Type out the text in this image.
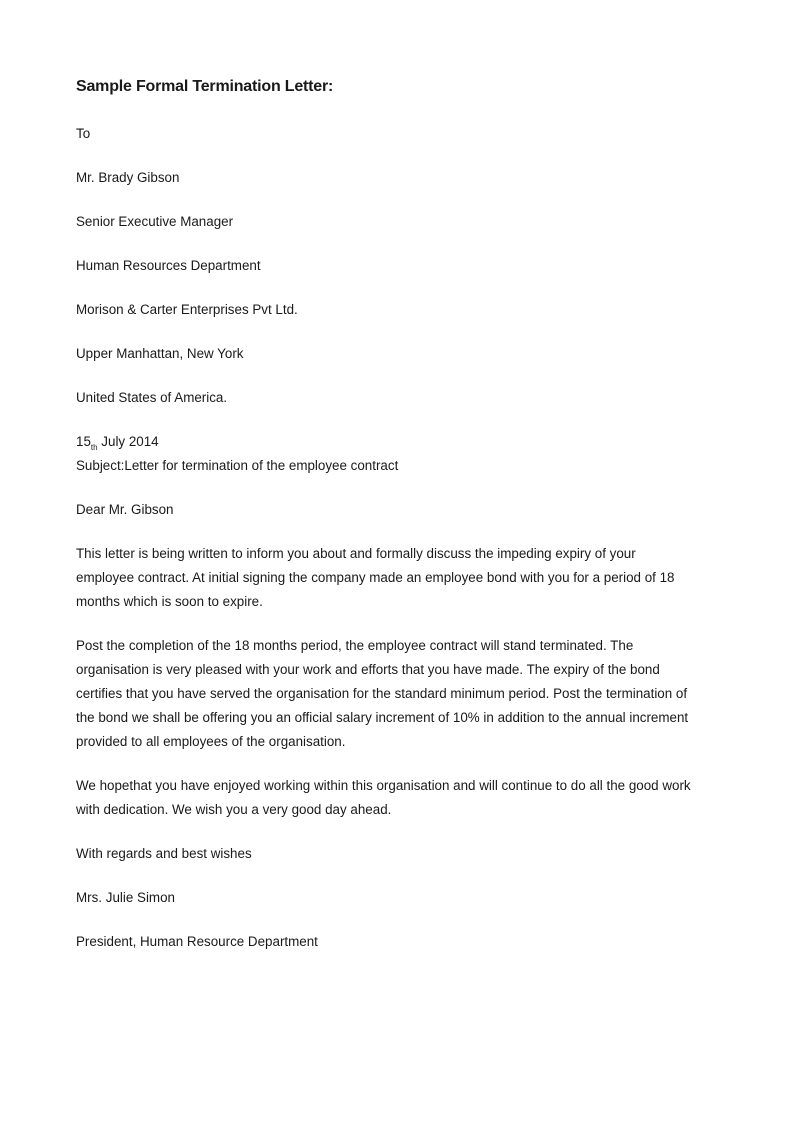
Sample Formal Termination Letter:

To

Mr. Brady Gibson

Senior Executive Manager

Human Resources Department

Morison & Carter Enterprises Pvt Ltd.

Upper Manhattan, New York

United States of America.

$15_{th}$ July 2014

Subject:Letter for termination of the employee contract

Dear Mr. Gibson

This letter is being written to inform you about and formally discuss the impeding expiry of your
employee contract. At initial signing the company made an employee bond with you for a period of 18
months which is soon to expire.

Post the completion of the 18 months period, the employee contract will stand terminated. The
organisation is very pleased with your work and efforts that you have made. The expiry of the bond
certifies that you have served the organisation for the standard minimum period. Post the termination of
the bond we shall be offering you an official salary increment of 10% in addition to the annual increment
provided to all employees of the organisation.

We hopethat you have enjoyed working within this organisation and will continue to do all the good work
with dedication. We wish you a very good day ahead.

With regards and best wishes

Mrs. Julie Simon

President, Human Resource Department
